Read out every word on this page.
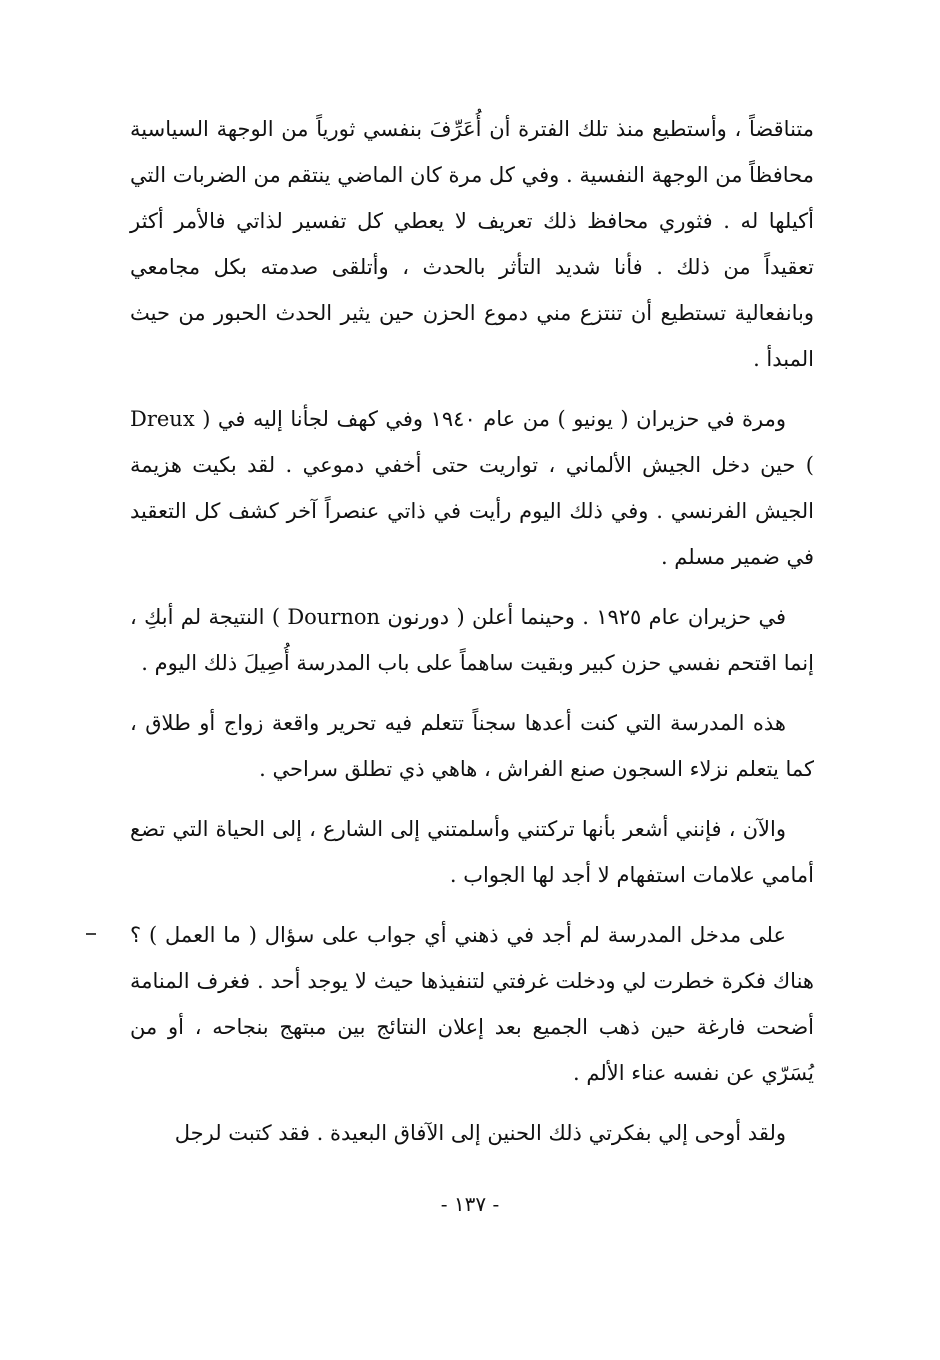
متناقضاً ، وأستطيع منذ تلك الفترة أن أُعَرِّفَ بنفسي ثورياً من الوجهة السياسية محافظاً من الوجهة النفسية . وفي كل مرة كان الماضي ينتقم من الضربات التي أكيلها له . فثوري محافظ ذلك تعريف لا يعطي كل تفسير لذاتي فالأمر أكثر تعقيداً من ذلك . فأنا شديد التأثر بالحدث ، وأتلقى صدمته بكل مجامعي وبانفعالية تستطيع أن تنتزع مني دموع الحزن حين يثير الحدث الحبور من حيث المبدأ .

ومرة في حزيران ( يونيو ) من عام ١٩٤٠ وفي كهف لجأنا إليه في ( Dreux ) حين دخل الجيش الألماني ، تواريت حتى أخفي دموعي . لقد بكيت هزيمة الجيش الفرنسي . وفي ذلك اليوم رأيت في ذاتي عنصراً آخر كشف كل التعقيد في ضمير مسلم .

في حزيران عام ١٩٢٥ . وحينما أعلن ( دورنون Dournon ) النتيجة لم أبكِ ، إنما اقتحم نفسي حزن كبير وبقيت ساهماً على باب المدرسة أُصِيلَ ذلك اليوم .

هذه المدرسة التي كنت أعدها سجناً تتعلم فيه تحرير واقعة زواج أو طلاق ، كما يتعلم نزلاء السجون صنع الفراش ، هاهي ذي تطلق سراحي .

والآن ، فإنني أشعر بأنها تركتني وأسلمتني إلى الشارع ، إلى الحياة التي تضع أمامي علامات استفهام لا أجد لها الجواب .

على مدخل المدرسة لم أجد في ذهني أي جواب على سؤال ( ما العمل ) ؟ هناك فكرة خطرت لي ودخلت غرفتي لتنفيذها حيث لا يوجد أحد . فغرف المنامة أضحت فارغة حين ذهب الجميع بعد إعلان النتائج بين مبتهج بنجاحه ، أو من يُسَرّي عن نفسه عناء الألم .

ولقد أوحى إلي بفكرتي ذلك الحنين إلى الآفاق البعيدة . فقد كتبت لرجل

- ١٣٧ -
